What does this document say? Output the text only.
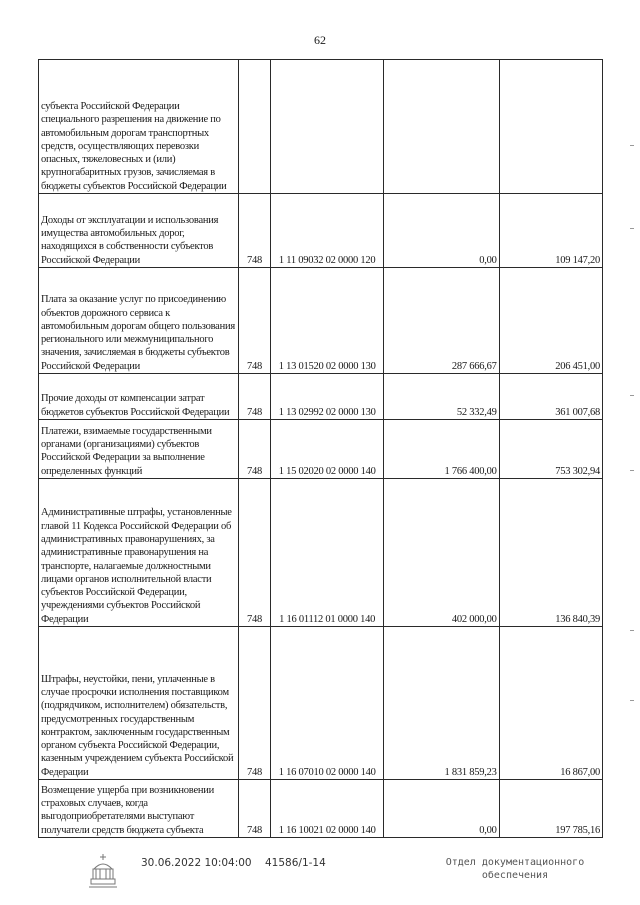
62
субъекта Российской Федерации специального разрешения на движение по автомобильным дорогам транспортных средств, осуществляющих перевозки опасных, тяжеловесных и (или) крупногабаритных грузов, зачисляемая в бюджеты субъектов Российской Федерации				
Доходы от эксплуатации и использования имущества автомобильных дорог, находящихся в собственности субъектов Российской Федерации	748	1 11 09032 02 0000 120	0,00	109 147,20
Плата за оказание услуг по присоединению объектов дорожного сервиса к автомобильным дорогам общего пользования регионального или межмуниципального значения, зачисляемая в бюджеты субъектов Российской Федерации	748	1 13 01520 02 0000 130	287 666,67	206 451,00
Прочие доходы от компенсации затрат бюджетов субъектов Российской Федерации	748	1 13 02992 02 0000 130	52 332,49	361 007,68
Платежи, взимаемые государственными органами (организациями) субъектов Российской Федерации за выполнение определенных функций	748	1 15 02020 02 0000 140	1 766 400,00	753 302,94
Административные штрафы, установленные главой 11 Кодекса Российской Федерации об административных правонарушениях, за административные правонарушения на транспорте, налагаемые должностными лицами органов исполнительной власти субъектов Российской Федерации, учреждениями субъектов Российской Федерации	748	1 16 01112 01 0000 140	402 000,00	136 840,39
Штрафы, неустойки, пени, уплаченные в случае просрочки исполнения поставщиком (подрядчиком, исполнителем) обязательств, предусмотренных государственным контрактом, заключенным государственным органом субъекта Российской Федерации, казенным учреждением субъекта Российской Федерации	748	1 16 07010 02 0000 140	1 831 859,23	16 867,00
Возмещение ущерба при возникновении страховых случаев, когда выгодоприобретателями выступают получатели средств бюджета субъекта	748	1 16 10021 02 0000 140	0,00	197 785,16
30.06.2022 10:04:00 41586/1-14	Отдел документационного
обеспечения
